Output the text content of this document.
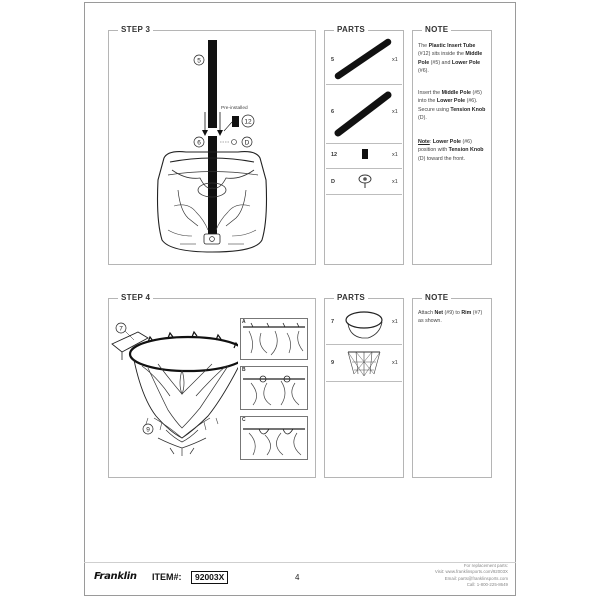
STEP 3
5
6
12
D
Pre-installed
PARTS
5	x1
6	x1
12	x1
D	x1
NOTE
The Plastic Insert Tube (#12) sits inside the Middle Pole (#5) and Lower Pole (#6).
Insert the Middle Pole (#5) into the Lower Pole (#6). Secure using Tension Knob (D).
Note: Lower Pole (#6) position with Tension Knob (D) toward the front.
STEP 4
7
9
A
B
C
PARTS
7	x1
9	x1
NOTE
Attach Net (#9) to Rim (#7) as shown.
Franklin ITEM#:	92003X	4
For replacement parts:
Visit: www.franklinsports.com/92003X
Email: parts@franklinsports.com
Call: 1-800-225-8649
